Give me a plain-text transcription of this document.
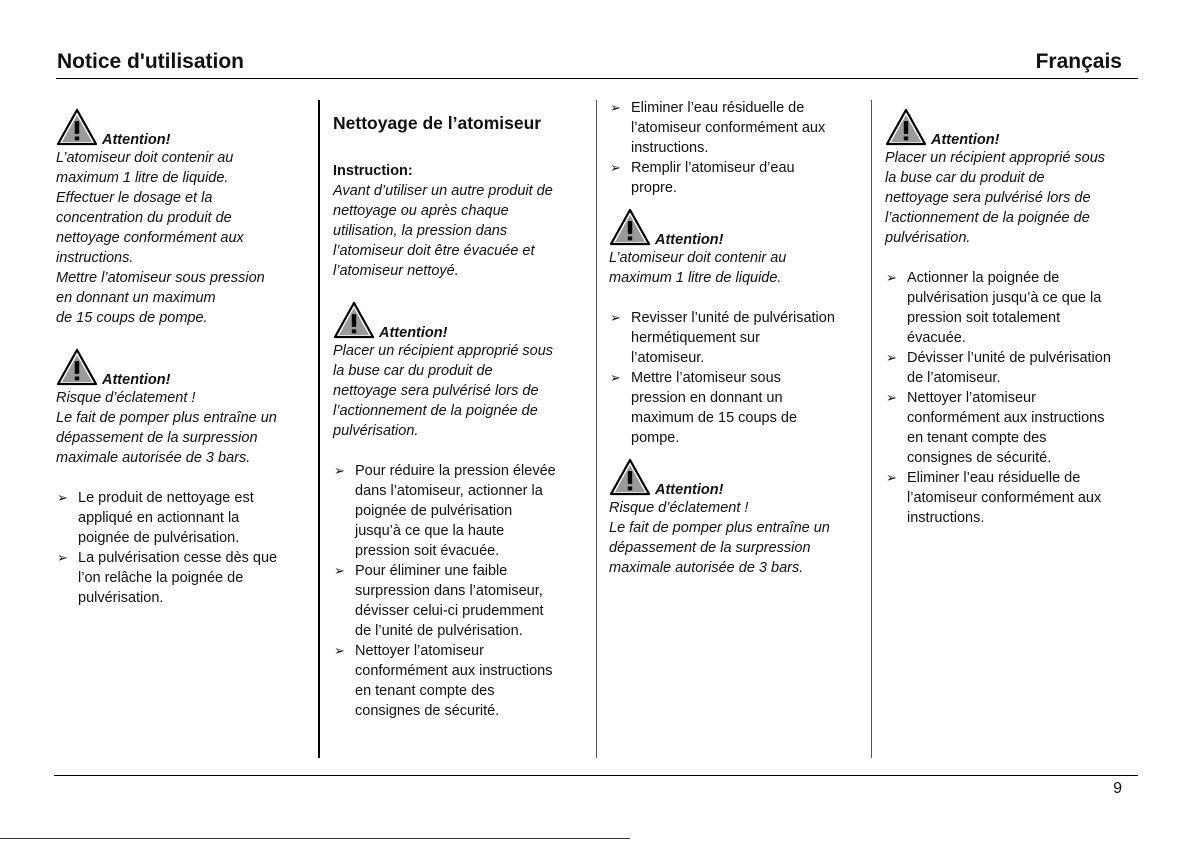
Notice d'utilisation	Français
Attention!
L’atomiseur doit contenir au
maximum 1 litre de liquide.
Effectuer le dosage et la
concentration du produit de
nettoyage conformément aux
instructions.
Mettre l’atomiseur sous pression
en donnant un maximum
de 15 coups de pompe.
Attention!
Risque d’éclatement !
Le fait de pomper plus entraîne un
dépassement de la surpression
maximale autorisée de 3 bars.
➢ Le produit de nettoyage est
appliqué en actionnant la
poignée de pulvérisation.
➢ La pulvérisation cesse dès que
l’on relâche la poignée de
pulvérisation.
Nettoyage de l’atomiseur
Instruction:
Avant d’utiliser un autre produit de
nettoyage ou après chaque
utilisation, la pression dans
l’atomiseur doit être évacuée et
l’atomiseur nettoyé.
Attention!
Placer un récipient approprié sous
la buse car du produit de
nettoyage sera pulvérisé lors de
l’actionnement de la poignée de
pulvérisation.
➢ Pour réduire la pression élevée
dans l’atomiseur, actionner la
poignée de pulvérisation
jusqu’à ce que la haute
pression soit évacuée.
➢ Pour éliminer une faible
surpression dans l’atomiseur,
dévisser celui-ci prudemment
de l’unité de pulvérisation.
➢ Nettoyer l’atomiseur
conformément aux instructions
en tenant compte des
consignes de sécurité.
➢ Eliminer l’eau résiduelle de
l’atomiseur conformément aux
instructions.
➢ Remplir l’atomiseur d’eau
propre.
Attention!
L’atomiseur doit contenir au
maximum 1 litre de liquide.
➢ Revisser l’unité de pulvérisation
hermétiquement sur
l’atomiseur.
➢ Mettre l’atomiseur sous
pression en donnant un
maximum de 15 coups de
pompe.
Attention!
Risque d’éclatement !
Le fait de pomper plus entraîne un
dépassement de la surpression
maximale autorisée de 3 bars.
Attention!
Placer un récipient approprié sous
la buse car du produit de
nettoyage sera pulvérisé lors de
l’actionnement de la poignée de
pulvérisation.
➢ Actionner la poignée de
pulvérisation jusqu’à ce que la
pression soit totalement
évacuée.
➢ Dévisser l’unité de pulvérisation
de l’atomiseur.
➢ Nettoyer l’atomiseur
conformément aux instructions
en tenant compte des
consignes de sécurité.
➢ Eliminer l’eau résiduelle de
l’atomiseur conformément aux
instructions.
9
